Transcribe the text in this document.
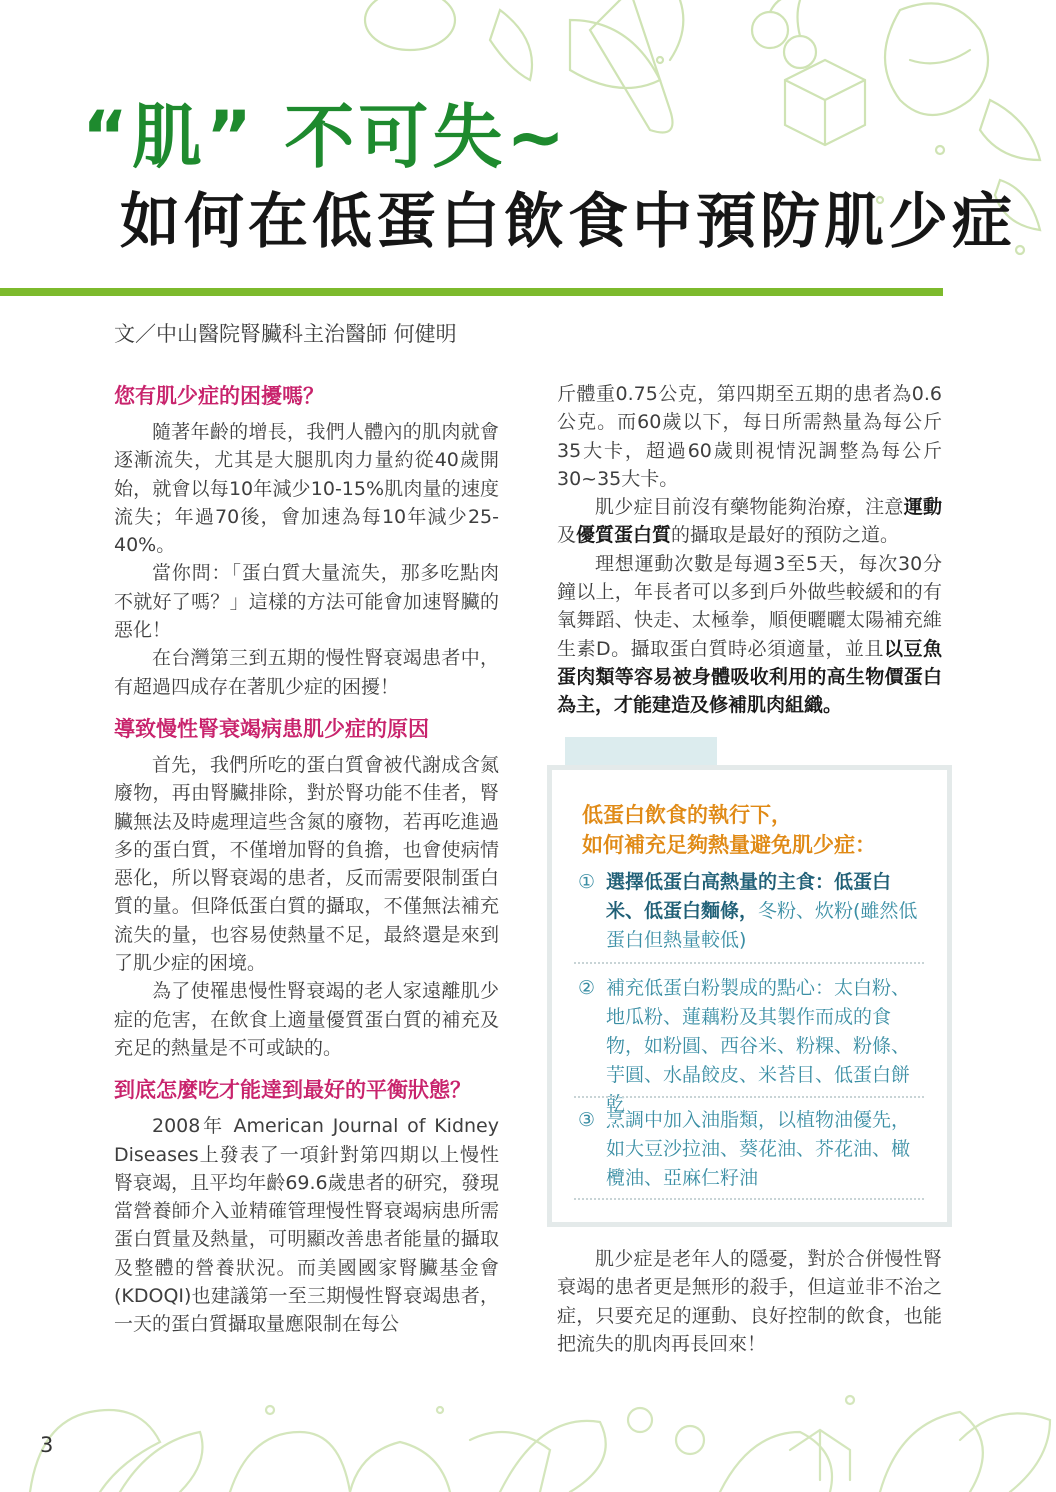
“肌” 不可失~
如何在低蛋白飲食中預防肌少症
文／中山醫院腎臟科主治醫師 何健明
您有肌少症的困擾嗎？

隨著年齡的增長，我們人體內的肌肉就會逐漸流失，尤其是大腿肌肉力量約從40歲開始，就會以每10年減少10-15%肌肉量的速度流失；年過70後，會加速為每10年減少25-40%。

當你問：「蛋白質大量流失，那多吃點肉不就好了嗎？」這樣的方法可能會加速腎臟的惡化！

在台灣第三到五期的慢性腎衰竭患者中，有超過四成存在著肌少症的困擾！

導致慢性腎衰竭病患肌少症的原因

首先，我們所吃的蛋白質會被代謝成含氮廢物，再由腎臟排除，對於腎功能不佳者，腎臟無法及時處理這些含氮的廢物，若再吃進過多的蛋白質，不僅增加腎的負擔，也會使病情惡化，所以腎衰竭的患者，反而需要限制蛋白質的量。但降低蛋白質的攝取，不僅無法補充流失的量，也容易使熱量不足，最終還是來到了肌少症的困境。

為了使罹患慢性腎衰竭的老人家遠離肌少症的危害，在飲食上適量優質蛋白質的補充及充足的熱量是不可或缺的。

到底怎麼吃才能達到最好的平衡狀態？

2008年 American Journal of Kidney Diseases上發表了一項針對第四期以上慢性腎衰竭，且平均年齡69.6歲患者的研究，發現當營養師介入並精確管理慢性腎衰竭病患所需蛋白質量及熱量，可明顯改善患者能量的攝取及整體的營養狀況。而美國國家腎臟基金會(KDOQI)也建議第一至三期慢性腎衰竭患者，一天的蛋白質攝取量應限制在每公

斤體重0.75公克，第四期至五期的患者為0.6公克。而60歲以下，每日所需熱量為每公斤35大卡，超過60歲則視情況調整為每公斤30~35大卡。

肌少症目前沒有藥物能夠治療，注意運動及優質蛋白質的攝取是最好的預防之道。

理想運動次數是每週3至5天，每次30分鐘以上，年長者可以多到戶外做些較緩和的有氧舞蹈、快走、太極拳，順便曬曬太陽補充維生素D。攝取蛋白質時必須適量，並且以豆魚蛋肉類等容易被身體吸收利用的高生物價蛋白為主，才能建造及修補肌肉組織。

低蛋白飲食的執行下，
如何補充足夠熱量避免肌少症：
① 選擇低蛋白高熱量的主食：低蛋白米、低蛋白麵條，冬粉、炊粉(雖然低蛋白但熱量較低)
② 補充低蛋白粉製成的點心：太白粉、地瓜粉、蓮藕粉及其製作而成的食物，如粉圓、西谷米、粉粿、粉條、芋圓、水晶餃皮、米苔目、低蛋白餅乾
③ 烹調中加入油脂類，以植物油優先，如大豆沙拉油、葵花油、芥花油、橄欖油、亞麻仁籽油

肌少症是老年人的隱憂，對於合併慢性腎衰竭的患者更是無形的殺手，但這並非不治之症，只要充足的運動、良好控制的飲食，也能把流失的肌肉再長回來！

3
